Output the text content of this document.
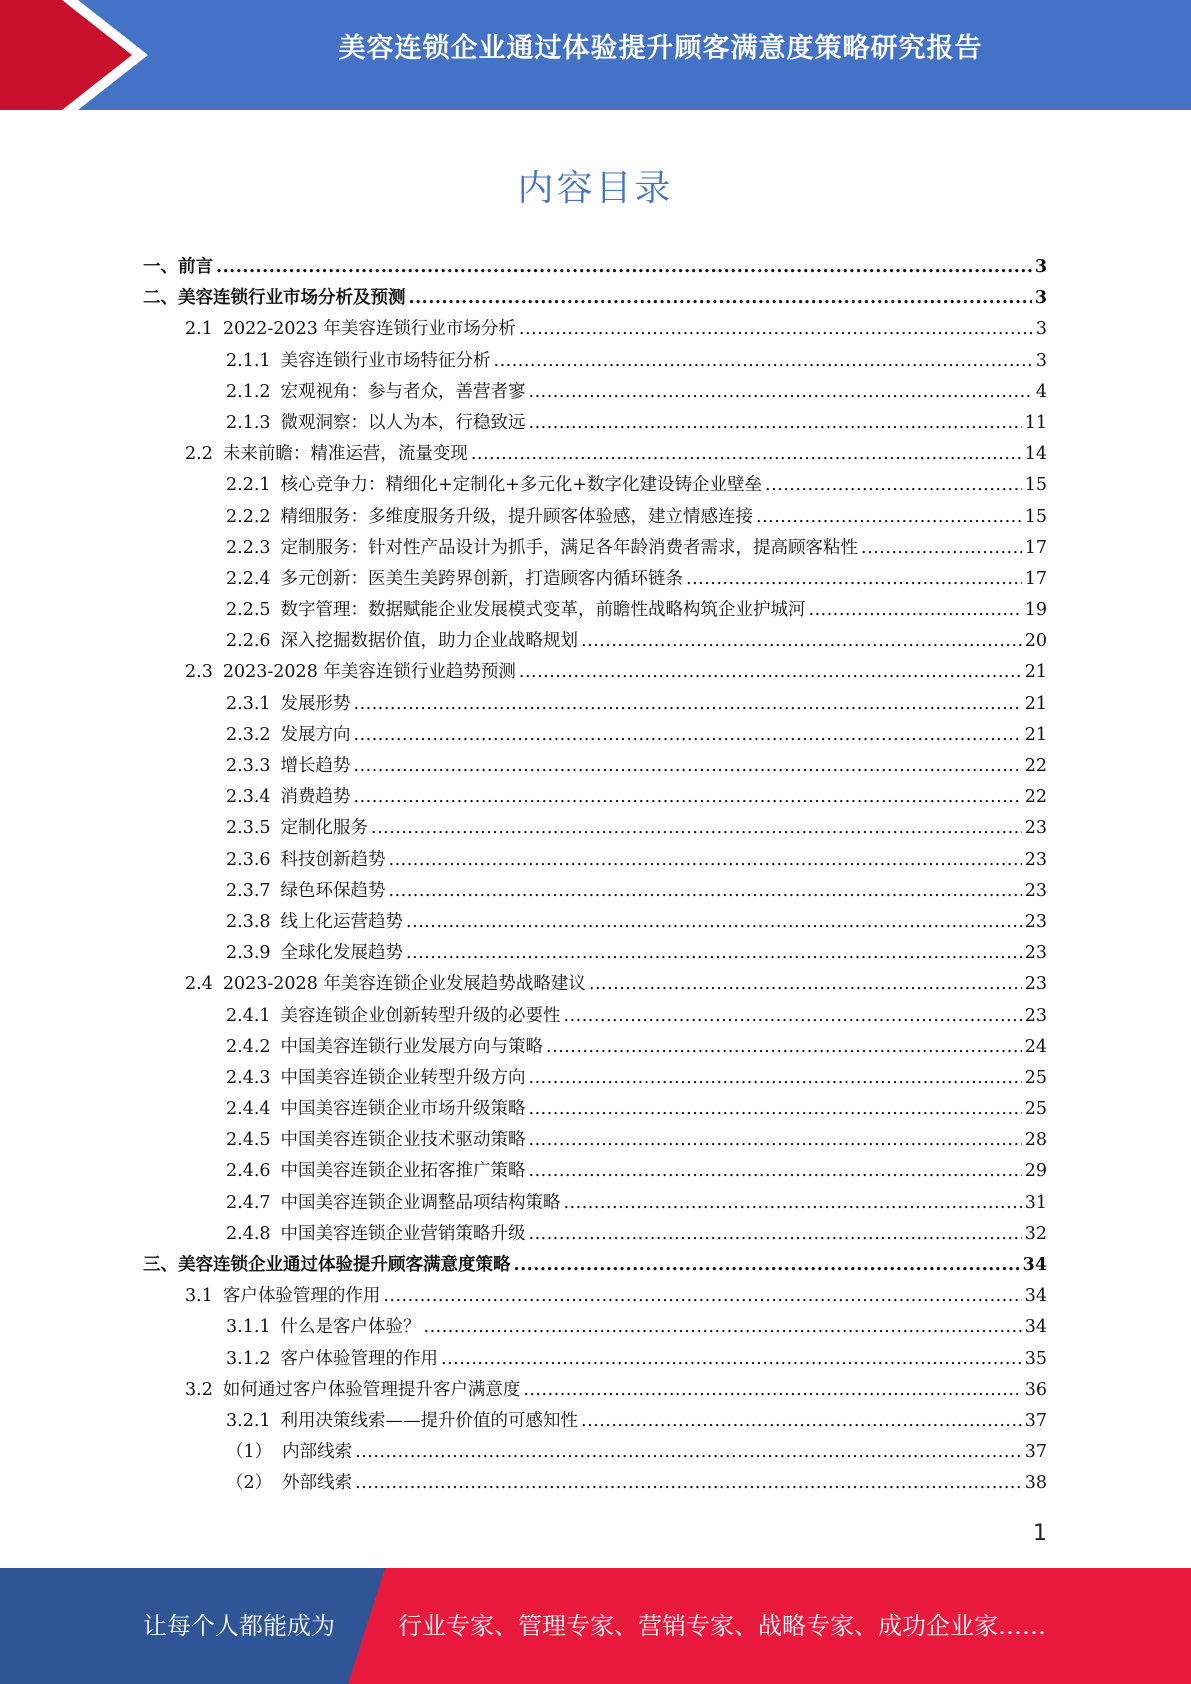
美容连锁企业通过体验提升顾客满意度策略研究报告
内容目录
一、 前言 .....	3
二、 美容连锁行业市场分析及预测 .....	3
2.1 2022-2023 年美容连锁行业市场分析 .....	3
2.1.1 美容连锁行业市场特征分析 .....	3
2.1.2 宏观视角：参与者众，善营者寥 .....	4
2.1.3 微观洞察：以人为本，行稳致远 .....	11
2.2 未来前瞻：精准运营，流量变现 .....	14
2.2.1 核心竞争力：精细化+定制化+多元化+数字化建设铸企业壁垒 .....	15
2.2.2 精细服务：多维度服务升级，提升顾客体验感，建立情感连接 .....	15
2.2.3 定制服务：针对性产品设计为抓手，满足各年龄消费者需求，提高顾客粘性 .....	17
2.2.4 多元创新：医美生美跨界创新，打造顾客内循环链条 .....	17
2.2.5 数字管理：数据赋能企业发展模式变革，前瞻性战略构筑企业护城河 .....	19
2.2.6 深入挖掘数据价值，助力企业战略规划 .....	20
2.3 2023-2028 年美容连锁行业趋势预测 .....	21
2.3.1 发展形势 .....	21
2.3.2 发展方向 .....	21
2.3.3 增长趋势 .....	22
2.3.4 消费趋势 .....	22
2.3.5 定制化服务 .....	23
2.3.6 科技创新趋势 .....	23
2.3.7 绿色环保趋势 .....	23
2.3.8 线上化运营趋势 .....	23
2.3.9 全球化发展趋势 .....	23
2.4 2023-2028 年美容连锁企业发展趋势战略建议 .....	23
2.4.1 美容连锁企业创新转型升级的必要性 .....	23
2.4.2 中国美容连锁行业发展方向与策略 .....	24
2.4.3 中国美容连锁企业转型升级方向 .....	25
2.4.4 中国美容连锁企业市场升级策略 .....	25
2.4.5 中国美容连锁企业技术驱动策略 .....	28
2.4.6 中国美容连锁企业拓客推广策略 .....	29
2.4.7 中国美容连锁企业调整品项结构策略 .....	31
2.4.8 中国美容连锁企业营销策略升级 .....	32
三、 美容连锁企业通过体验提升顾客满意度策略 .....	34
3.1 客户体验管理的作用 .....	34
3.1.1 什么是客户体验？ .....	34
3.1.2 客户体验管理的作用 .....	35
3.2 如何通过客户体验管理提升客户满意度 .....	36
3.2.1 利用决策线索——提升价值的可感知性 .....	37
（1） 内部线索 .....	37
（2） 外部线索 .....	38
1
让每个人都能成为	行业专家、管理专家、营销专家、战略专家、成功企业家……
